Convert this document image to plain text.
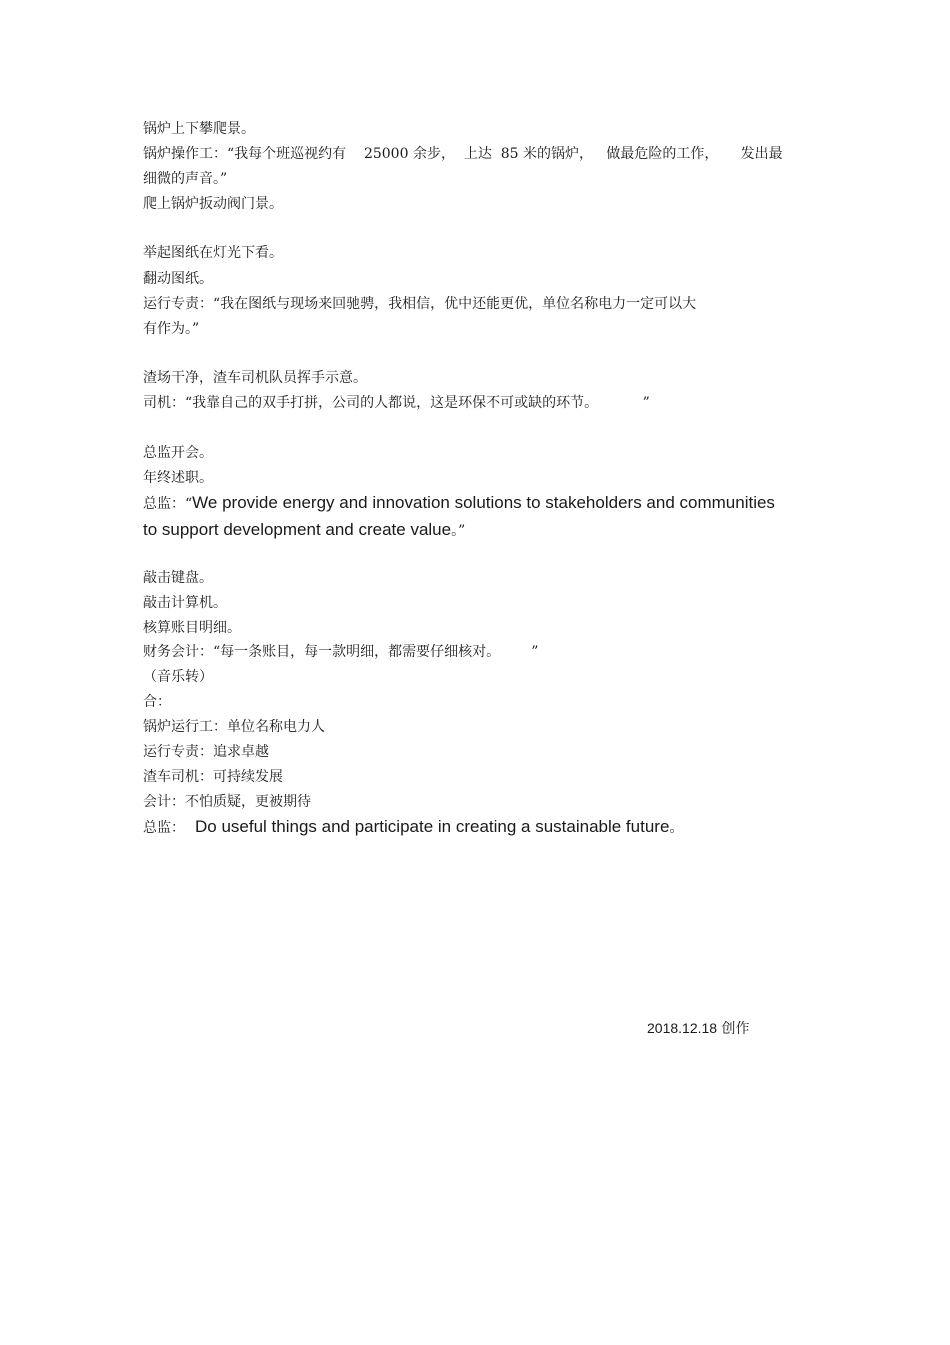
锅炉上下攀爬景。
锅炉操作工：“我每个班巡视约有    25000 余步，  上达  85 米的锅炉，   做最危险的工作，     发出最
细微的声音。”
爬上锅炉扳动阀门景。
举起图纸在灯光下看。
翻动图纸。
运行专责：“我在图纸与现场来回驰骋，我相信，优中还能更优，单位名称电力一定可以大
有作为。”
渣场干净，渣车司机队员挥手示意。
司机：“我靠自己的双手打拼，公司的人都说，这是环保不可或缺的环节。          ”
总监开会。
年终述职。
总监：“We provide energy and innovation solutions to stakeholders and communities
to support development and create value。”
敲击键盘。
敲击计算机。
核算账目明细。
财务会计：“每一条账目，每一款明细，都需要仔细核对。       ”
（音乐转）
合：
锅炉运行工：单位名称电力人
运行专责：追求卓越
渣车司机：可持续发展
会计：不怕质疑，更被期待
总监： Do useful things and participate in creating a sustainable future。
2018.12.18 创作
